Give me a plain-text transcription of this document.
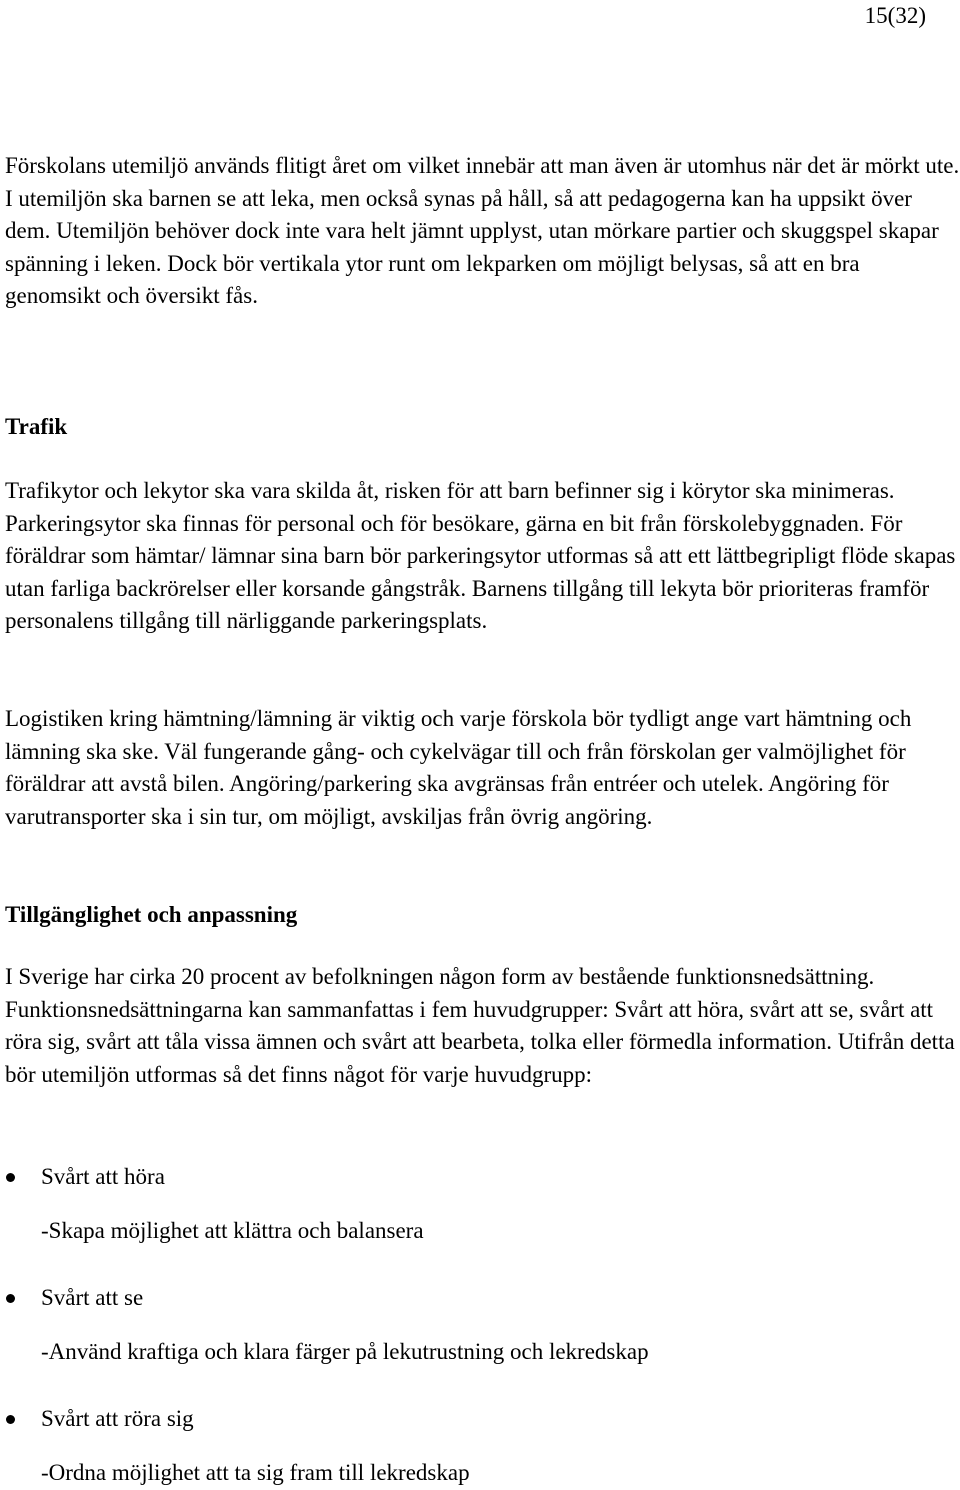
15(32)

Förskolans utemiljö används flitigt året om vilket innebär att man även är utomhus när det är mörkt ute. I utemiljön ska barnen se att leka, men också synas på håll, så att pedagogerna kan ha uppsikt över dem. Utemiljön behöver dock inte vara helt jämnt upplyst, utan mörkare partier och skuggspel skapar spänning i leken. Dock bör vertikala ytor runt om lekparken om möjligt belysas, så att en bra genomsikt och översikt fås.

Trafik

Trafikytor och lekytor ska vara skilda åt, risken för att barn befinner sig i körytor ska minimeras. Parkeringsytor ska finnas för personal och för besökare, gärna en bit från förskolebyggnaden. För föräldrar som hämtar/ lämnar sina barn bör parkeringsytor utformas så att ett lättbegripligt flöde skapas utan farliga backrörelser eller korsande gångstråk. Barnens tillgång till lekyta bör prioriteras framför personalens tillgång till närliggande parkeringsplats.

Logistiken kring hämtning/lämning är viktig och varje förskola bör tydligt ange vart hämtning och lämning ska ske. Väl fungerande gång- och cykelvägar till och från förskolan ger valmöjlighet för föräldrar att avstå bilen. Angöring/parkering ska avgränsas från entréer och utelek. Angöring för varutransporter ska i sin tur, om möjligt, avskiljas från övrig angöring.

Tillgänglighet och anpassning

I Sverige har cirka 20 procent av befolkningen någon form av bestående funktionsnedsättning. Funktionsnedsättningarna kan sammanfattas i fem huvudgrupper: Svårt att höra, svårt att se, svårt att röra sig, svårt att tåla vissa ämnen och svårt att bearbeta, tolka eller förmedla information. Utifrån detta bör utemiljön utformas så det finns något för varje huvudgrupp:

Svårt att höra
-Skapa möjlighet att klättra och balansera
Svårt att se
-Använd kraftiga och klara färger på lekutrustning och lekredskap
Svårt att röra sig
-Ordna möjlighet att ta sig fram till lekredskap
